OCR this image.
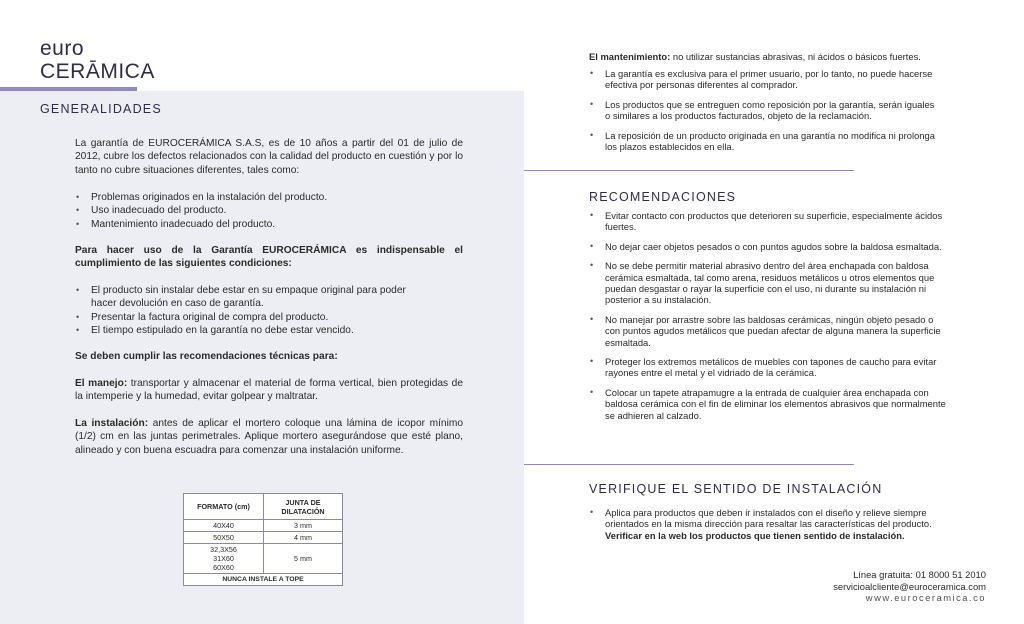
euro
CERĀMICA
GENERALIDADES
La garantía de EUROCERÁMICA S.A.S, es de 10 años a partir del 01 de julio de 2012, cubre los defectos relacionados con la calidad del producto en cuestión y por lo tanto no cubre situaciones diferentes, tales como:
• Problemas originados en la instalación del producto.
• Uso inadecuado del producto.
• Mantenimiento inadecuado del producto.
Para hacer uso de la Garantía EUROCERÁMICA es indispensable el cumplimiento de las siguientes condiciones:
• El producto sin instalar debe estar en su empaque original para poder hacer devolución en caso de garantía.
• Presentar la factura original de compra del producto.
• El tiempo estipulado en la garantía no debe estar vencido.
Se deben cumplir las recomendaciones técnicas para:
El manejo: transportar y almacenar el material de forma vertical, bien protegidas de la intemperie y la humedad, evitar golpear y maltratar.
La instalación: antes de aplicar el mortero coloque una lámina de icopor mínimo (1/2) cm en las juntas perimetrales. Aplique mortero asegurándose que esté plano, alineado y con buena escuadra para comenzar una instalación uniforme.
FORMATO (cm)	JUNTA DE DILATACIÓN
40X40	3 mm
50X50	4 mm

32,3X56
31X60
60X60	5 mm
NUNCA INSTALE A TOPE	
El mantenimiento: no utilizar sustancias abrasivas, ni ácidos o básicos fuertes.
• La garantía es exclusiva para el primer usuario, por lo tanto, no puede hacerse efectiva por personas diferentes al comprador.
• Los productos que se entreguen como reposición por la garantía, serán iguales o similares a los productos facturados, objeto de la reclamación.
• La reposición de un producto originada en una garantía no modifica ni prolonga los plazos establecidos en ella.
RECOMENDACIONES
• Evitar contacto con productos que deterioren su superficie, especialmente ácidos fuertes.
• No dejar caer objetos pesados o con puntos agudos sobre la baldosa esmaltada.
• No se debe permitir material abrasivo dentro del área enchapada con baldosa cerámica esmaltada, tal como arena, residuos metálicos u otros elementos que puedan desgastar o rayar la superficie con el uso, ni durante su instalación ni posterior a su instalación.
• No manejar por arrastre sobre las baldosas cerámicas, ningún objeto pesado o con puntos agudos metálicos que puedan afectar de alguna manera la superficie esmaltada.
• Proteger los extremos metálicos de muebles con tapones de caucho para evitar rayones entre el metal y el vidriado de la cerámica.
• Colocar un tapete atrapamugre a la entrada de cualquier área enchapada con baldosa cerámica con el fin de eliminar los elementos abrasivos que normalmente se adhieren al calzado.
VERIFIQUE EL SENTIDO DE INSTALACIÓN
• Aplica para productos que deben ir instalados con el diseño y relieve siempre orientados en la misma dirección para resaltar las características del producto. Verificar en la web los productos que tienen sentido de instalación.
Línea gratuita: 01 8000 51 2010
servicioalcliente@euroceramica.com
www.euroceramica.co
